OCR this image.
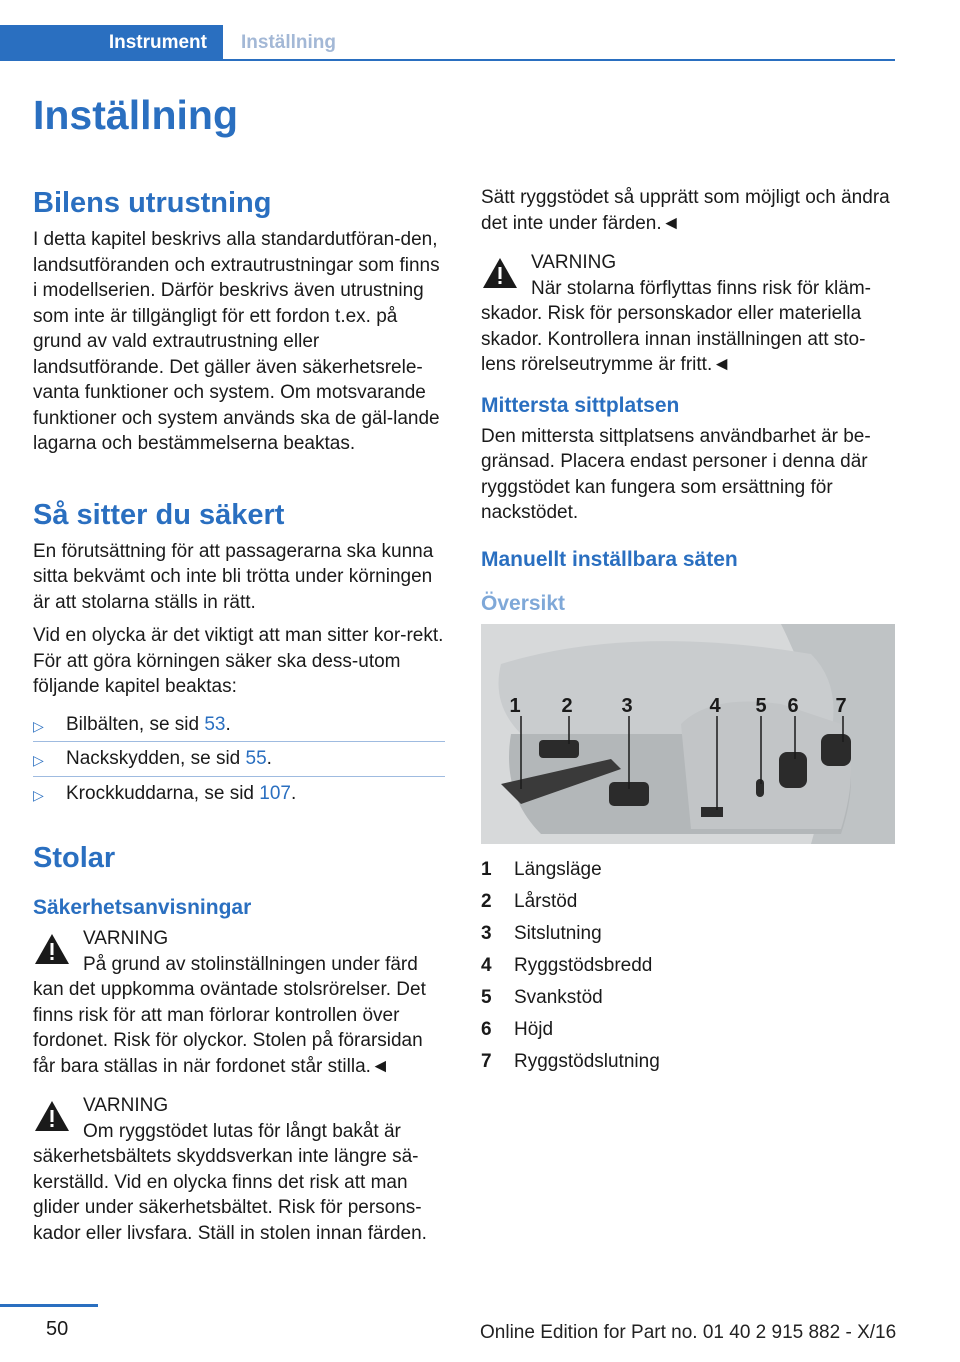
Instrument Inställning
Inställning
Bilens utrustning

I detta kapitel beskrivs alla standardutföran-den, landsutföranden och extrautrustningar som finns i modellserien. Därför beskrivs även utrustning som inte är tillgängligt för ett fordon t.ex. på grund av vald extrautrustning eller landsutförande. Det gäller även säkerhetsrele-vanta funktioner och system. Om motsvarande funktioner och system används ska de gäl-lande lagarna och bestämmelserna beaktas.

Så sitter du säkert

En förutsättning för att passagerarna ska kunna sitta bekvämt och inte bli trötta under körningen är att stolarna ställs in rätt.

Vid en olycka är det viktigt att man sitter kor-rekt. För att göra körningen säker ska dess-utom följande kapitel beaktas:

▷ Bilbälten, se sid 53.
▷ Nackskydden, se sid 55.
▷ Krockkuddarna, se sid 107.
Stolar
Säkerhetsanvisningar
VARNING
På grund av stolinställningen under färd
kan det uppkomma oväntade stolsrörelser. Det finns risk för att man förlorar kontrollen över fordonet. Risk för olyckor. Stolen på förarsidan får bara ställas in när fordonet står stilla.◄
VARNING
Om ryggstödet lutas för långt bakåt är
säkerhetsbältets skyddsverkan inte längre sä-kerställd. Vid en olycka finns det risk att man glider under säkerhetsbältet. Risk för persons-kador eller livsfara. Ställ in stolen innan färden.

Sätt ryggstödet så upprätt som möjligt och ändra det inte under färden.◄

VARNING
När stolarna förflyttas finns risk för kläm-
skador. Risk för personskador eller materiella skador. Kontrollera innan inställningen att sto-lens rörelseutrymme är fritt.◄
Mittersta sittplatsen

Den mittersta sittplatsens användbarhet är be-gränsad. Placera endast personer i denna där ryggstödet kan fungera som ersättning för nackstödet.

Manuellt inställbara säten
Översikt
1 2 3	4 5 6 7
1	Längsläge
2	Lårstöd
3	Sitslutning
4	Ryggstödsbredd
5	Svankstöd
6	Höjd
7	Ryggstödslutning
50	Online Edition for Part no. 01 40 2 915 882 - X/16
